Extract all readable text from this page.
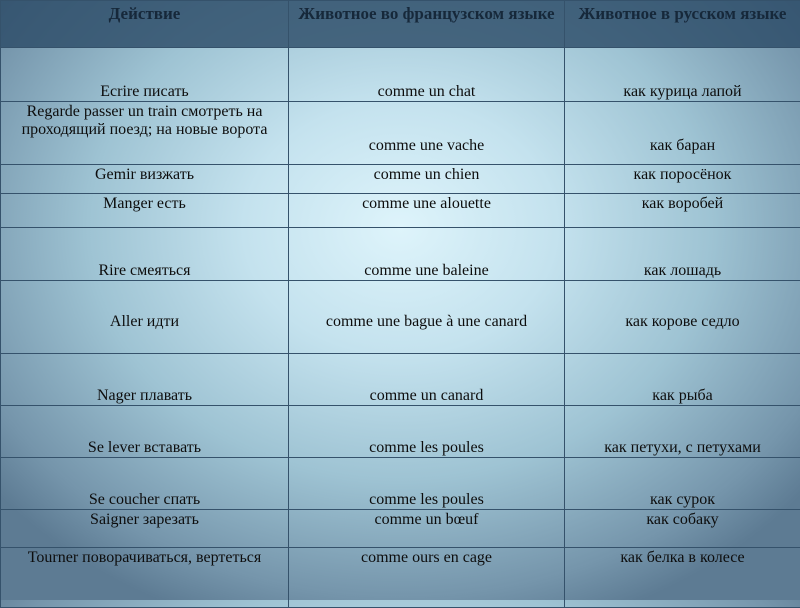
Действие	Животное во французском языке	Животное в русском языке
Ecrire писать	comme un chat	как курица лапой
Regarde passer un train смотреть на проходящий поезд; на новые ворота	comme une vache	как баран
Gemir визжать	comme un chien	как поросёнок
Manger есть	comme une alouette	как воробей
Rire смеяться	comme une baleine	как лошадь
Aller идти	comme une bague à une canard	как корове седло
Nager плавать	comme un canard	как рыба
Se lever вставать	comme les poules	как петухи, с петухами
Se coucher спать	comme les poules	как сурок
Saigner зарезать	comme un bœuf	как собаку
Tourner поворачиваться, вертеться	comme ours en cage	как белка в колесе
